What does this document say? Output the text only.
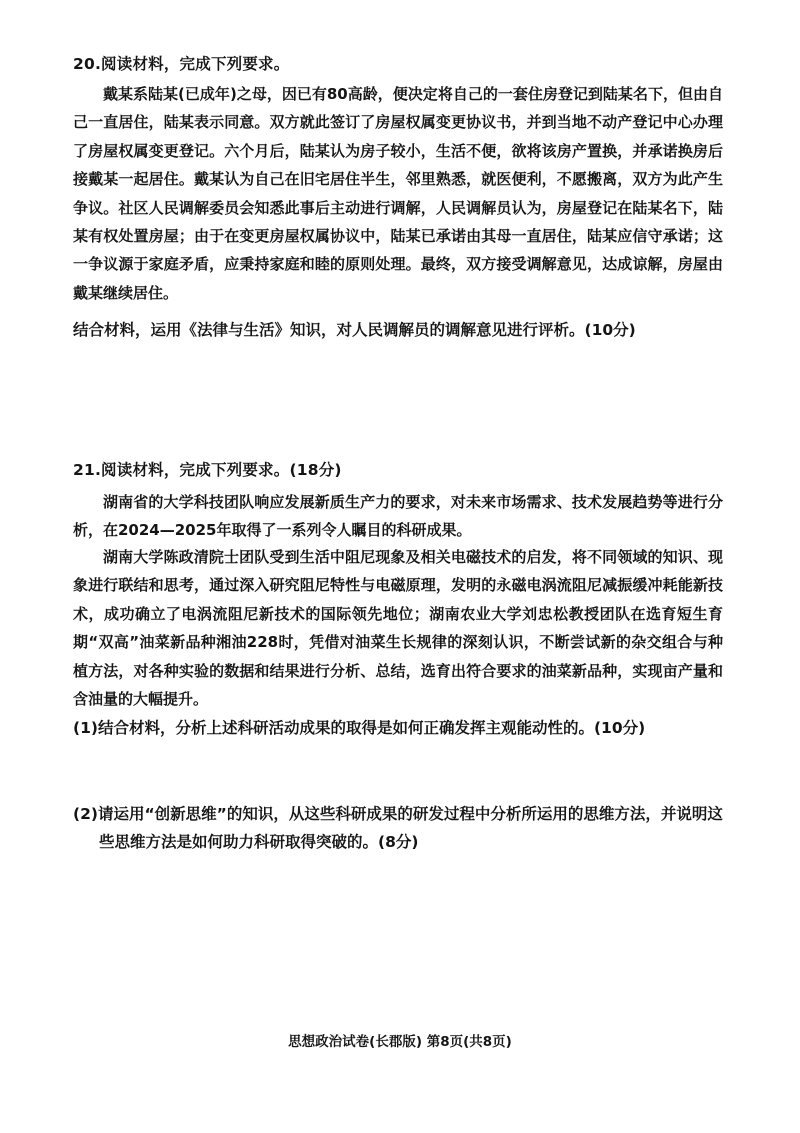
20.阅读材料，完成下列要求。
戴某系陆某(已成年)之母，因已有80高龄，便决定将自己的一套住房登记到陆某名下，但由自己一直居住，陆某表示同意。双方就此签订了房屋权属变更协议书，并到当地不动产登记中心办理了房屋权属变更登记。六个月后，陆某认为房子较小，生活不便，欲将该房产置换，并承诺换房后接戴某一起居住。戴某认为自己在旧宅居住半生，邻里熟悉，就医便利，不愿搬离，双方为此产生争议。社区人民调解委员会知悉此事后主动进行调解，人民调解员认为，房屋登记在陆某名下，陆某有权处置房屋；由于在变更房屋权属协议中，陆某已承诺由其母一直居住，陆某应信守承诺；这一争议源于家庭矛盾，应秉持家庭和睦的原则处理。最终，双方接受调解意见，达成谅解，房屋由戴某继续居住。
结合材料，运用《法律与生活》知识，对人民调解员的调解意见进行评析。(10分)
21.阅读材料，完成下列要求。(18分)
湖南省的大学科技团队响应发展新质生产力的要求，对未来市场需求、技术发展趋势等进行分析，在2024—2025年取得了一系列令人瞩目的科研成果。
湖南大学陈政清院士团队受到生活中阻尼现象及相关电磁技术的启发，将不同领域的知识、现象进行联结和思考，通过深入研究阻尼特性与电磁原理，发明的永磁电涡流阻尼减振缓冲耗能新技术，成功确立了电涡流阻尼新技术的国际领先地位；湖南农业大学刘忠松教授团队在选育短生育期“双高”油菜新品种湘油228时，凭借对油菜生长规律的深刻认识，不断尝试新的杂交组合与种植方法，对各种实验的数据和结果进行分析、总结，选育出符合要求的油菜新品种，实现亩产量和含油量的大幅提升。
(1)结合材料，分析上述科研活动成果的取得是如何正确发挥主观能动性的。(10分)
(2)请运用“创新思维”的知识，从这些科研成果的研发过程中分析所运用的思维方法，并说明这些思维方法是如何助力科研取得突破的。(8分)
思想政治试卷(长郡版) 第8页(共8页)
